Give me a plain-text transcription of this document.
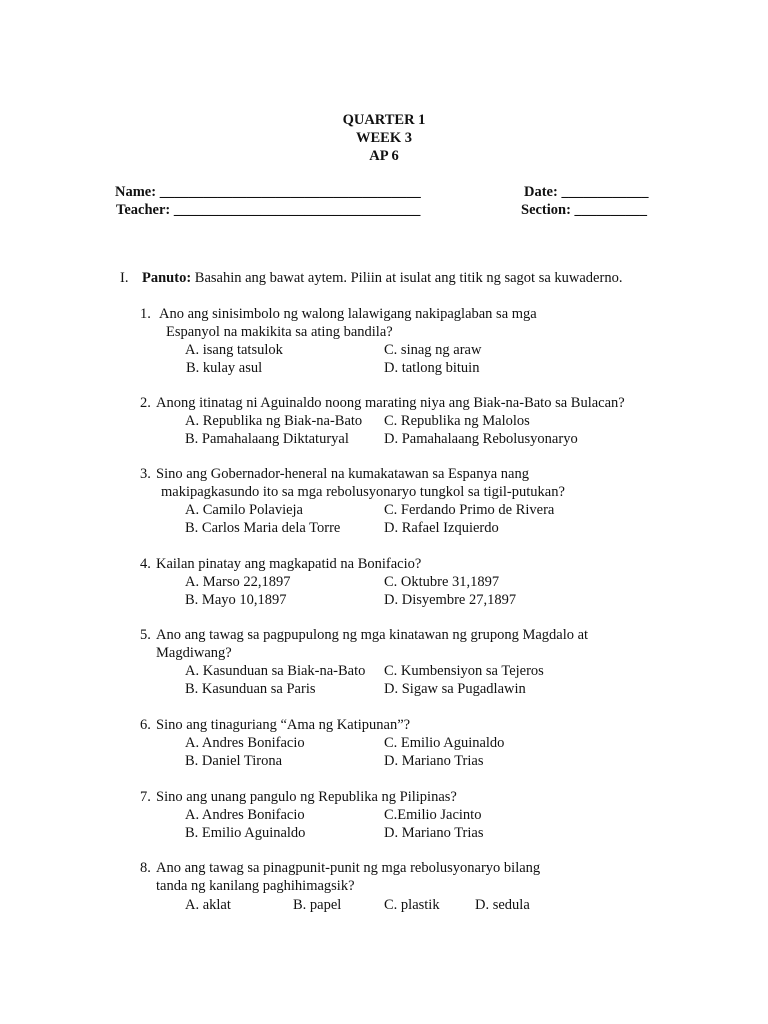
QUARTER 1
WEEK 3
AP 6
Name: ____________________________________	Date: ____________
Teacher: __________________________________	Section: __________
I. Panuto: Basahin ang bawat aytem. Piliin at isulat ang titik ng sagot sa kuwaderno.
1. Ano ang sinisimbolo ng walong lalawigang nakipaglaban sa mga
Espanyol na makikita sa ating bandila?
A. isang tatsulok	C. sinag ng araw
B. kulay asul	D. tatlong bituin
2. Anong itinatag ni Aguinaldo noong marating niya ang Biak-na-Bato sa Bulacan?
A. Republika ng Biak-na-Bato C. Republika ng Malolos
B. Pamahalaang Diktaturyal D. Pamahalaang Rebolusyonaryo
3. Sino ang Gobernador-heneral na kumakatawan sa Espanya nang
makipagkasundo ito sa mga rebolusyonaryo tungkol sa tigil-putukan?
A. Camilo Polavieja	C. Ferdando Primo de Rivera
B. Carlos Maria dela Torre	D. Rafael Izquierdo
4. Kailan pinatay ang magkapatid na Bonifacio?
A. Marso 22,1897	C. Oktubre 31,1897
B. Mayo 10,1897	D. Disyembre 27,1897
5. Ano ang tawag sa pagpupulong ng mga kinatawan ng grupong Magdalo at
Magdiwang?
A. Kasunduan sa Biak-na-Bato C. Kumbensiyon sa Tejeros
B. Kasunduan sa Paris	D. Sigaw sa Pugadlawin
6. Sino ang tinaguriang “Ama ng Katipunan”?
A. Andres Bonifacio	C. Emilio Aguinaldo
B. Daniel Tirona	D. Mariano Trias
7. Sino ang unang pangulo ng Republika ng Pilipinas?
A. Andres Bonifacio	C.Emilio Jacinto
B. Emilio Aguinaldo	D. Mariano Trias
8. Ano ang tawag sa pinagpunit-punit ng mga rebolusyonaryo bilang
tanda ng kanilang paghihimagsik?
A. aklat	B. papel	C. plastik D. sedula
